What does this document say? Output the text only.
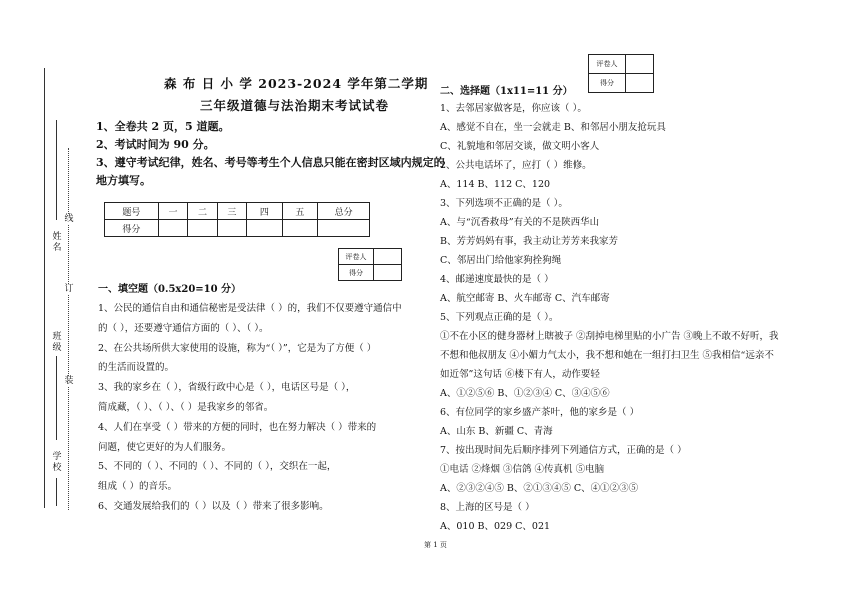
姓名
班级
学校
线
订
装
森 布 日 小 学 2023-2024 学年第二学期
三年级道德与法治期末考试试卷
1、全卷共 2 页，5 道题。
2、考试时间为 90 分。
3、遵守考试纪律，姓名、考号等考生个人信息只能在密封区域内规定的
地方填写。
题号	一	二	三	四	五	总分
得分						
评卷人	
得分	
评卷人	
得分	
一、填空题（0.5x20=10 分）
1、公民的通信自由和通信秘密是受法律（ ）的，我们不仅要遵守通信中
的（ ），还要遵守通信方面的（ ）、（ ）。
2、在公共场所供大家使用的设施，称为“（ ）”，它是为了方便（ ）
的生活而设置的。
3、我的家乡在（ ），省级行政中心是（ ），电话区号是（ ），
简成藏，（ ）、（ ）、（ ）是我家乡的邻省。
4、人们在享受（ ）带来的方便的同时，也在努力解决（ ）带来的
问题，使它更好的为人们服务。
5、不同的（ ）、不同的（ ）、不同的（ ），交织在一起，
组成（ ）的音乐。
6、交通发展给我们的（ ）以及（ ）带来了很多影响。
二、选择题（1x11=11 分）
1、去邻居家做客是，你应该（ ）。
A、感觉不自在，坐一会就走 B、和邻居小朋友抢玩具
C、礼貌地和邻居交谈，做文明小客人
2、公共电话坏了，应打（ ）维修。
A、114 B、112 C、120
3、下列选项不正确的是（ ）。
A、与“沉香救母”有关的不是陕西华山
B、芳芳妈妈有事，我主动让芳芳来我家芳
C、邻居出门给他家狗拴狗绳
4、邮递速度最快的是（ ）
A、航空邮寄 B、火车邮寄 C、汽车邮寄
5、下列观点正确的是（ ）。
①不在小区的健身器材上瞎被子 ②刮掉电梯里贴的小广告 ③晚上不敢不好听，我
不想和他叔朋友 ④小媚力气太小，我不想和她在一组打扫卫生 ⑤我相信“远亲不
如近邻”这句话 ⑥楼下有人，动作要轻
A、①②⑤⑥ B、①②③④ C、③④⑤⑥
6、有位同学的家乡盛产茶叶，他的家乡是（ ）
A、山东 B、新疆 C、青海
7、按出现时间先后顺序排列下列通信方式，正确的是（ ）
①电话 ②烽烟 ③信鸽 ④传真机 ⑤电脑
A、②③②④⑤ B、②①③④⑤ C、④①②③⑤
8、上海的区号是（ ）
A、010 B、029 C、021
第 1 页
